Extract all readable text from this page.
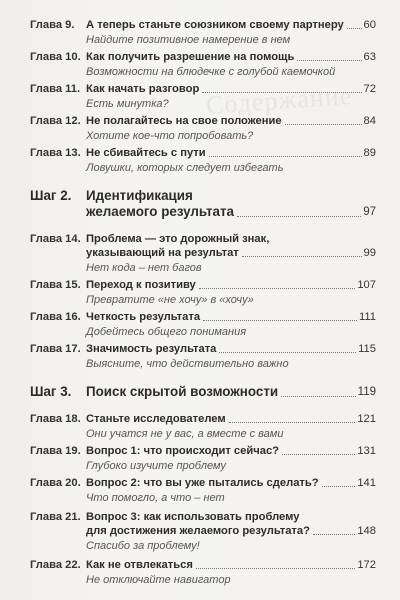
Содержание
Глава 9.	А теперь станьте союзником своему партнеру 60
Найдите позитивное намерение в нем
Глава 10. Как получить разрешение на помощь	63
Возможности на блюдечке с голубой каемочкой
Глава 11. Как начать разговор	72
Есть минутка?
Глава 12. Не полагайтесь на свое положение	84
Хотите кое-что попробовать?
Глава 13. Не сбивайтесь с пути	89
Ловушки, которых следует избегать
Шаг 2.	Идентификация
желаемого результата	97
Глава 14. Проблема — это дорожный знак,
указывающий на результат	99
Нет кода – нет багов
Глава 15. Переход к позитиву	107
Превратите «не хочу» в «хочу»
Глава 16. Четкость результата	111
Добейтесь общего понимания
Глава 17. Значимость результата	115
Выясните, что действительно важно
Шаг 3.	Поиск скрытой возможности	119
Глава 18. Станьте исследователем	121
Они учатся не у вас, а вместе с вами
Глава 19. Вопрос 1: что происходит сейчас?	131
Глубоко изучите проблему
Глава 20. Вопрос 2: что вы уже пытались сделать?	141
Что помогло, а что – нет
Глава 21. Вопрос 3: как использовать проблему
для достижения желаемого результата?	148
Спасибо за проблему!
Глава 22. Как не отвлекаться	172
Не отключайте навигатор
